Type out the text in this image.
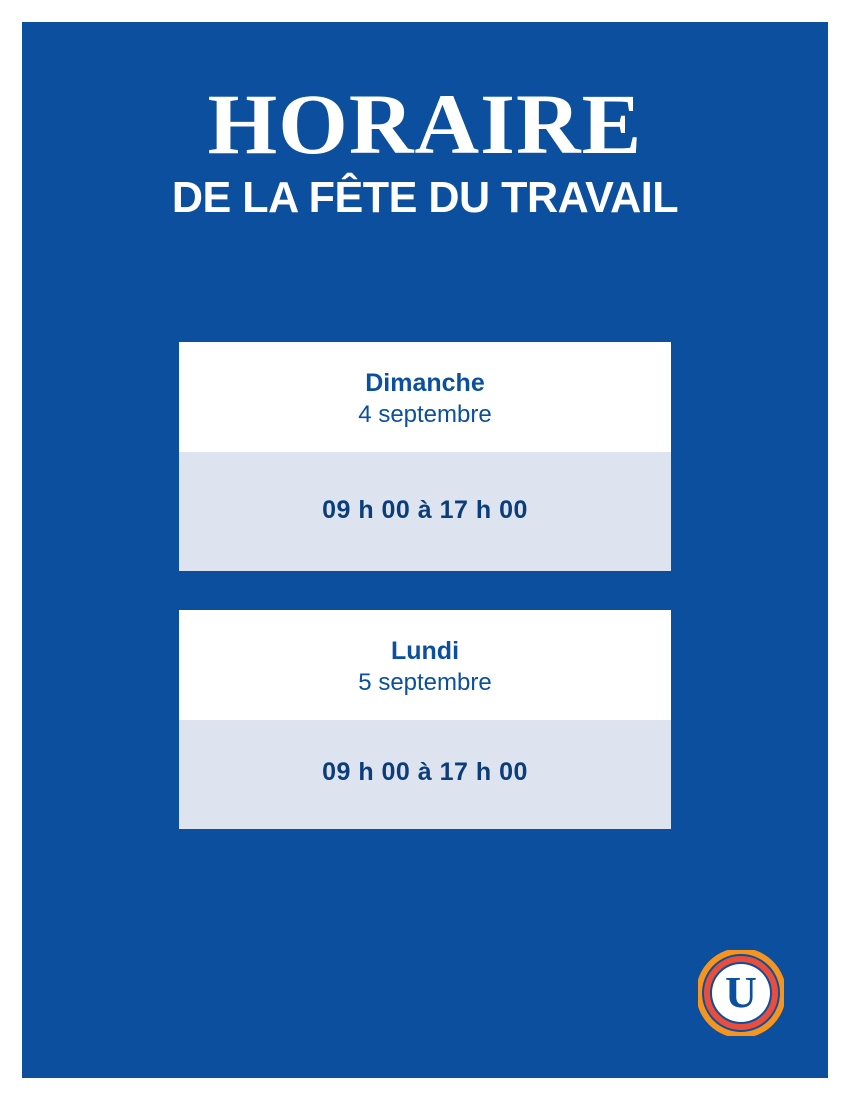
HORAIRE
DE LA FÊTE DU TRAVAIL
Dimanche
4 septembre
09 h 00 à 17 h 00
Lundi
5 septembre
09 h 00 à 17 h 00
U
